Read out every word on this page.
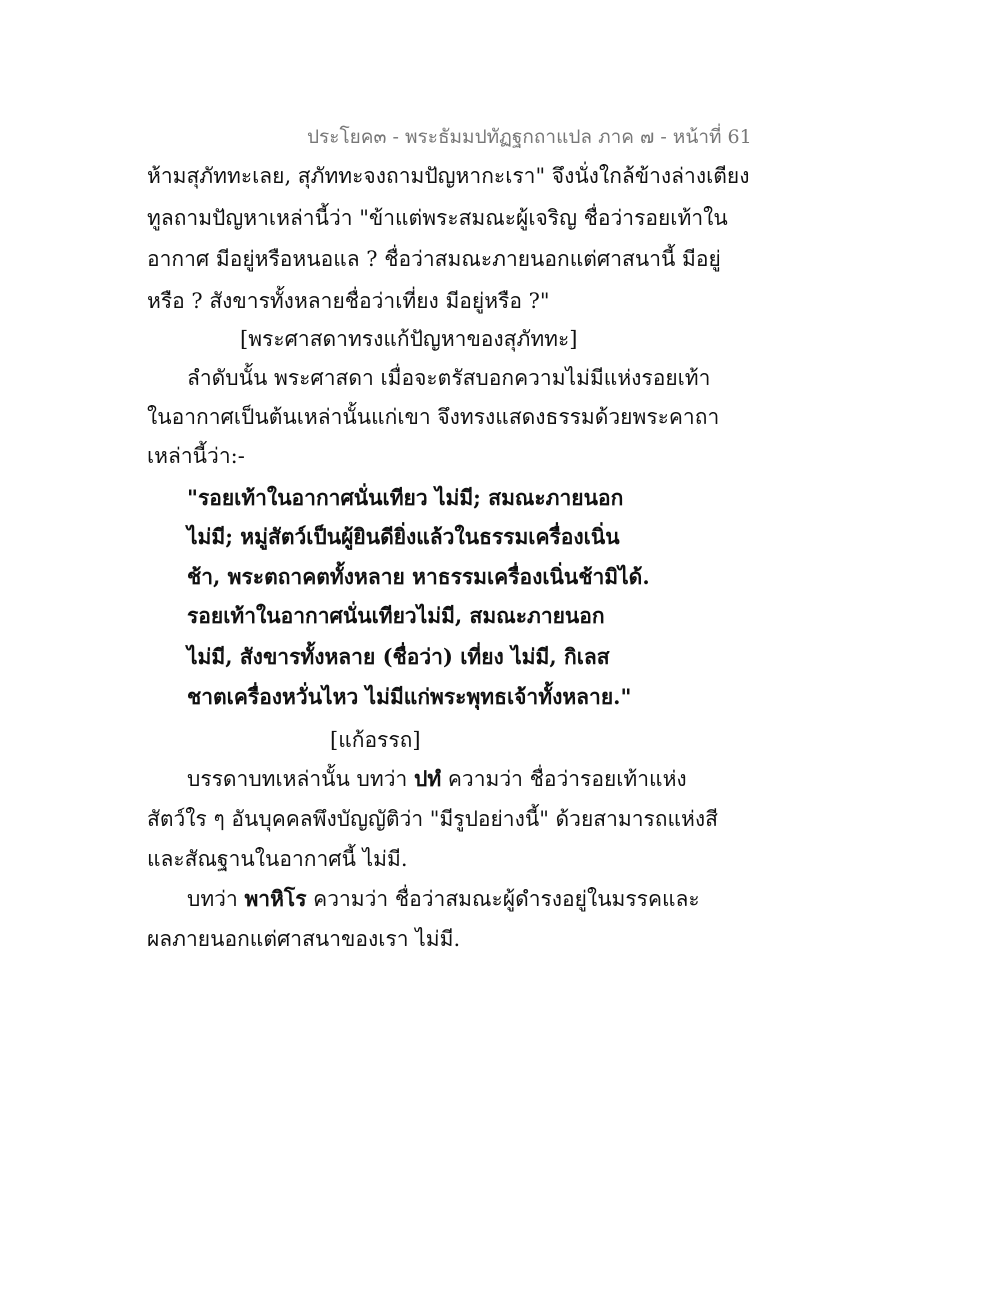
ประโยค๓ - พระธัมมปทัฏฐกถาแปล ภาค ๗ - หน้าที่ 61
ห้ามสุภัททะเลย, สุภัททะจงถามปัญหากะเรา" จึงนั่งใกล้ข้างล่างเตียง
ทูลถามปัญหาเหล่านี้ว่า "ข้าแต่พระสมณะผู้เจริญ ชื่อว่ารอยเท้าใน
อากาศ มีอยู่หรือหนอแล ? ชื่อว่าสมณะภายนอกแต่ศาสนานี้ มีอยู่
หรือ ? สังขารทั้งหลายชื่อว่าเที่ยง มีอยู่หรือ ?"
[พระศาสดาทรงแก้ปัญหาของสุภัททะ]
ลำดับนั้น พระศาสดา เมื่อจะตรัสบอกความไม่มีแห่งรอยเท้า
ในอากาศเป็นต้นเหล่านั้นแก่เขา จึงทรงแสดงธรรมด้วยพระคาถา
เหล่านี้ว่า:-
"รอยเท้าในอากาศนั่นเทียว ไม่มี; สมณะภายนอก
ไม่มี; หมู่สัตว์เป็นผู้ยินดียิ่งแล้วในธรรมเครื่องเนิ่น
ช้า, พระตถาคตทั้งหลาย หาธรรมเครื่องเนิ่นช้ามิได้.
รอยเท้าในอากาศนั่นเทียวไม่มี, สมณะภายนอก
ไม่มี, สังขารทั้งหลาย (ชื่อว่า) เที่ยง ไม่มี, กิเลส
ชาตเครื่องหวั่นไหว ไม่มีแก่พระพุทธเจ้าทั้งหลาย."
[แก้อรรถ]
บรรดาบทเหล่านั้น บทว่า ปทํ ความว่า ชื่อว่ารอยเท้าแห่ง
สัตว์ใร ๆ อันบุคคลพึงบัญญัติว่า "มีรูปอย่างนี้" ด้วยสามารถแห่งสี
และสัณฐานในอากาศนี้ ไม่มี.
บทว่า พาหิโร ความว่า ชื่อว่าสมณะผู้ดำรงอยู่ในมรรคและ
ผลภายนอกแต่ศาสนาของเรา ไม่มี.
